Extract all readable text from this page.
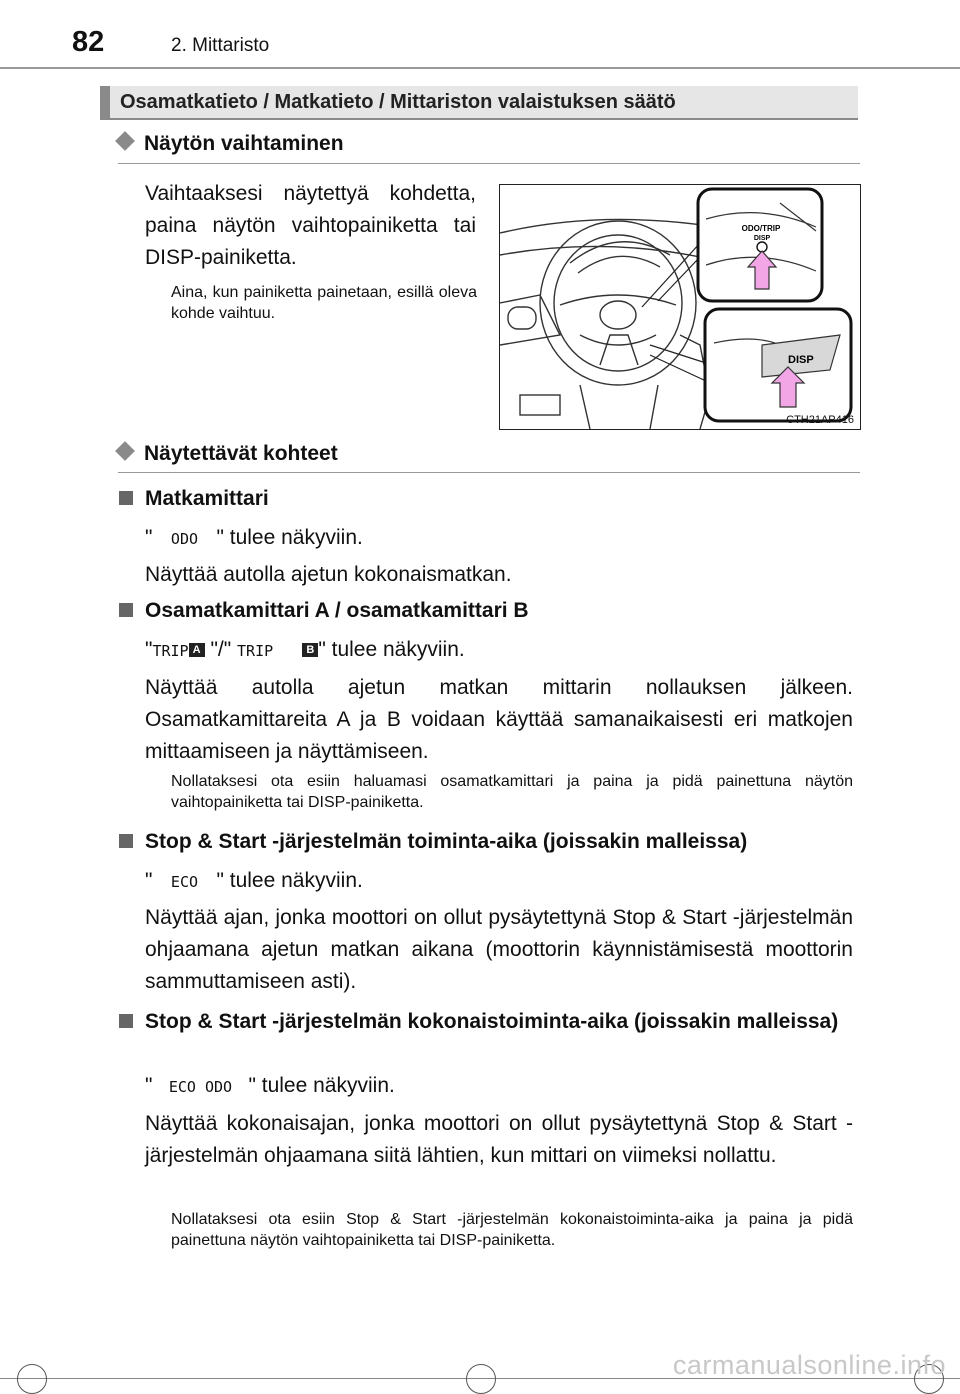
82	2. Mittaristo
Osamatkatieto / Matkatieto / Mittariston valaistuksen säätö
Näytön vaihtaminen
Vaihtaaksesi näytettyä kohdetta, paina näytön vaihtopainiketta tai DISP-painiketta.
Aina, kun painiketta painetaan, esillä oleva kohde vaihtuu.
ODO/TRIP
DISP
DISP
CTH21AP416
Näytettävät kohteet
Matkamittari
" ODO " tulee näkyviin.
Näyttää autolla ajetun kokonaismatkan.
Osamatkamittari A / osamatkamittari B
"TRIP A "/" TRIP	B " tulee näkyviin.
Näyttää autolla ajetun matkan mittarin nollauksen jälkeen. Osamatkamittareita A ja B voidaan käyttää samanaikaisesti eri matkojen mittaamiseen ja näyttämiseen.
Nollataksesi ota esiin haluamasi osamatkamittari ja paina ja pidä painettuna näytön vaihtopainiketta tai DISP-painiketta.
Stop & Start -järjestelmän toiminta-aika (joissakin malleissa)
" ECO " tulee näkyviin.
Näyttää ajan, jonka moottori on ollut pysäytettynä Stop & Start -järjestelmän ohjaamana ajetun matkan aikana (moottorin käynnistämisestä moottorin sammuttamiseen asti).
Stop & Start -järjestelmän kokonaistoiminta-aika (joissakin malleissa)
" ECO ODO " tulee näkyviin.
Näyttää kokonaisajan, jonka moottori on ollut pysäytettynä Stop & Start -järjestelmän ohjaamana siitä lähtien, kun mittari on viimeksi nollattu.
Nollataksesi ota esiin Stop & Start -järjestelmän kokonaistoiminta-aika ja paina ja pidä painettuna näytön vaihtopainiketta tai DISP-painiketta.
carmanualsonline.info
